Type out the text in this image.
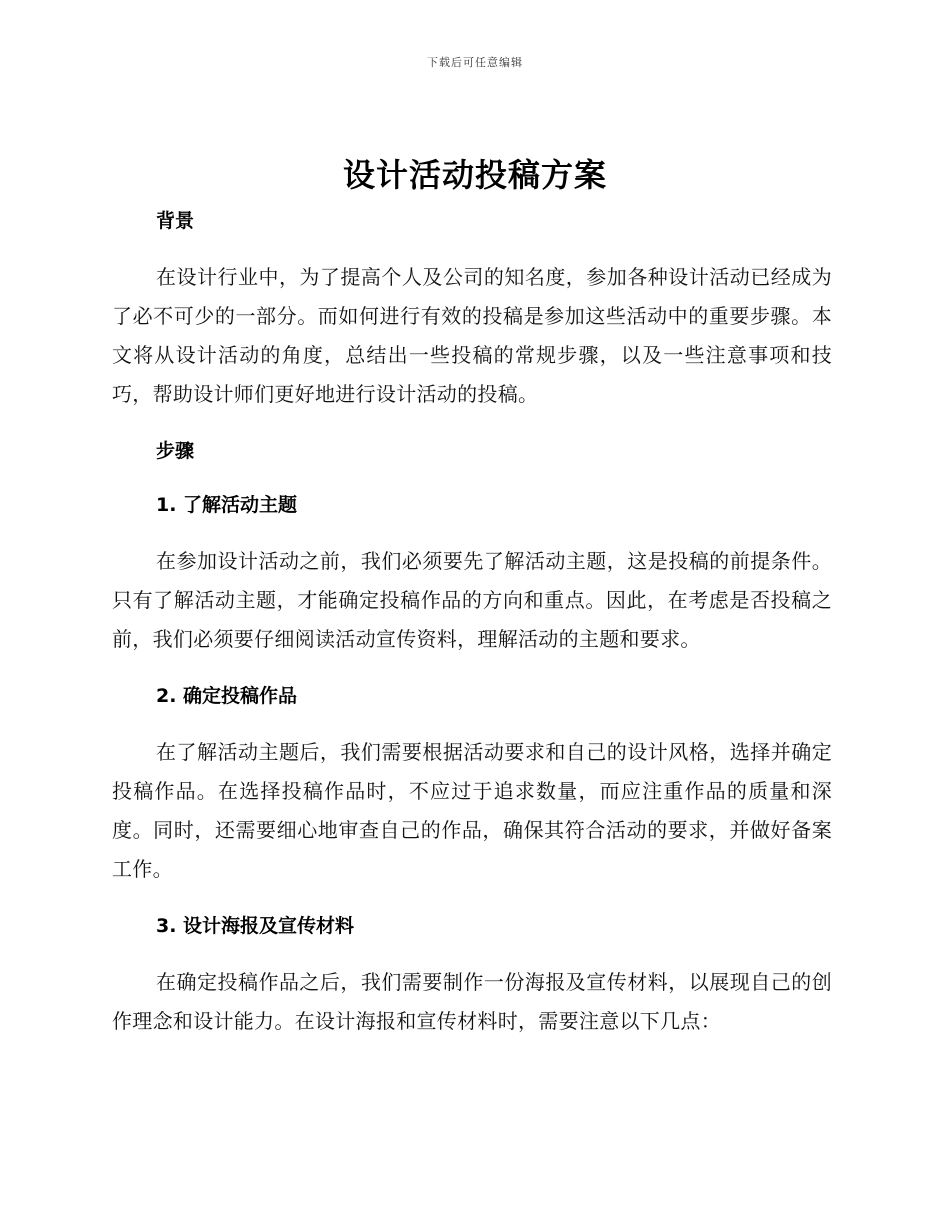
下载后可任意编辑
设计活动投稿方案

背景

在设计行业中，为了提高个人及公司的知名度，参加各种设计活动已经成为了必不可少的一部分。而如何进行有效的投稿是参加这些活动中的重要步骤。本文将从设计活动的角度，总结出一些投稿的常规步骤，以及一些注意事项和技巧，帮助设计师们更好地进行设计活动的投稿。

步骤

1. 了解活动主题

在参加设计活动之前，我们必须要先了解活动主题，这是投稿的前提条件。只有了解活动主题，才能确定投稿作品的方向和重点。因此，在考虑是否投稿之前，我们必须要仔细阅读活动宣传资料，理解活动的主题和要求。

2. 确定投稿作品

在了解活动主题后，我们需要根据活动要求和自己的设计风格，选择并确定投稿作品。在选择投稿作品时，不应过于追求数量，而应注重作品的质量和深度。同时，还需要细心地审查自己的作品，确保其符合活动的要求，并做好备案工作。

3. 设计海报及宣传材料

在确定投稿作品之后，我们需要制作一份海报及宣传材料，以展现自己的创作理念和设计能力。在设计海报和宣传材料时，需要注意以下几点：
